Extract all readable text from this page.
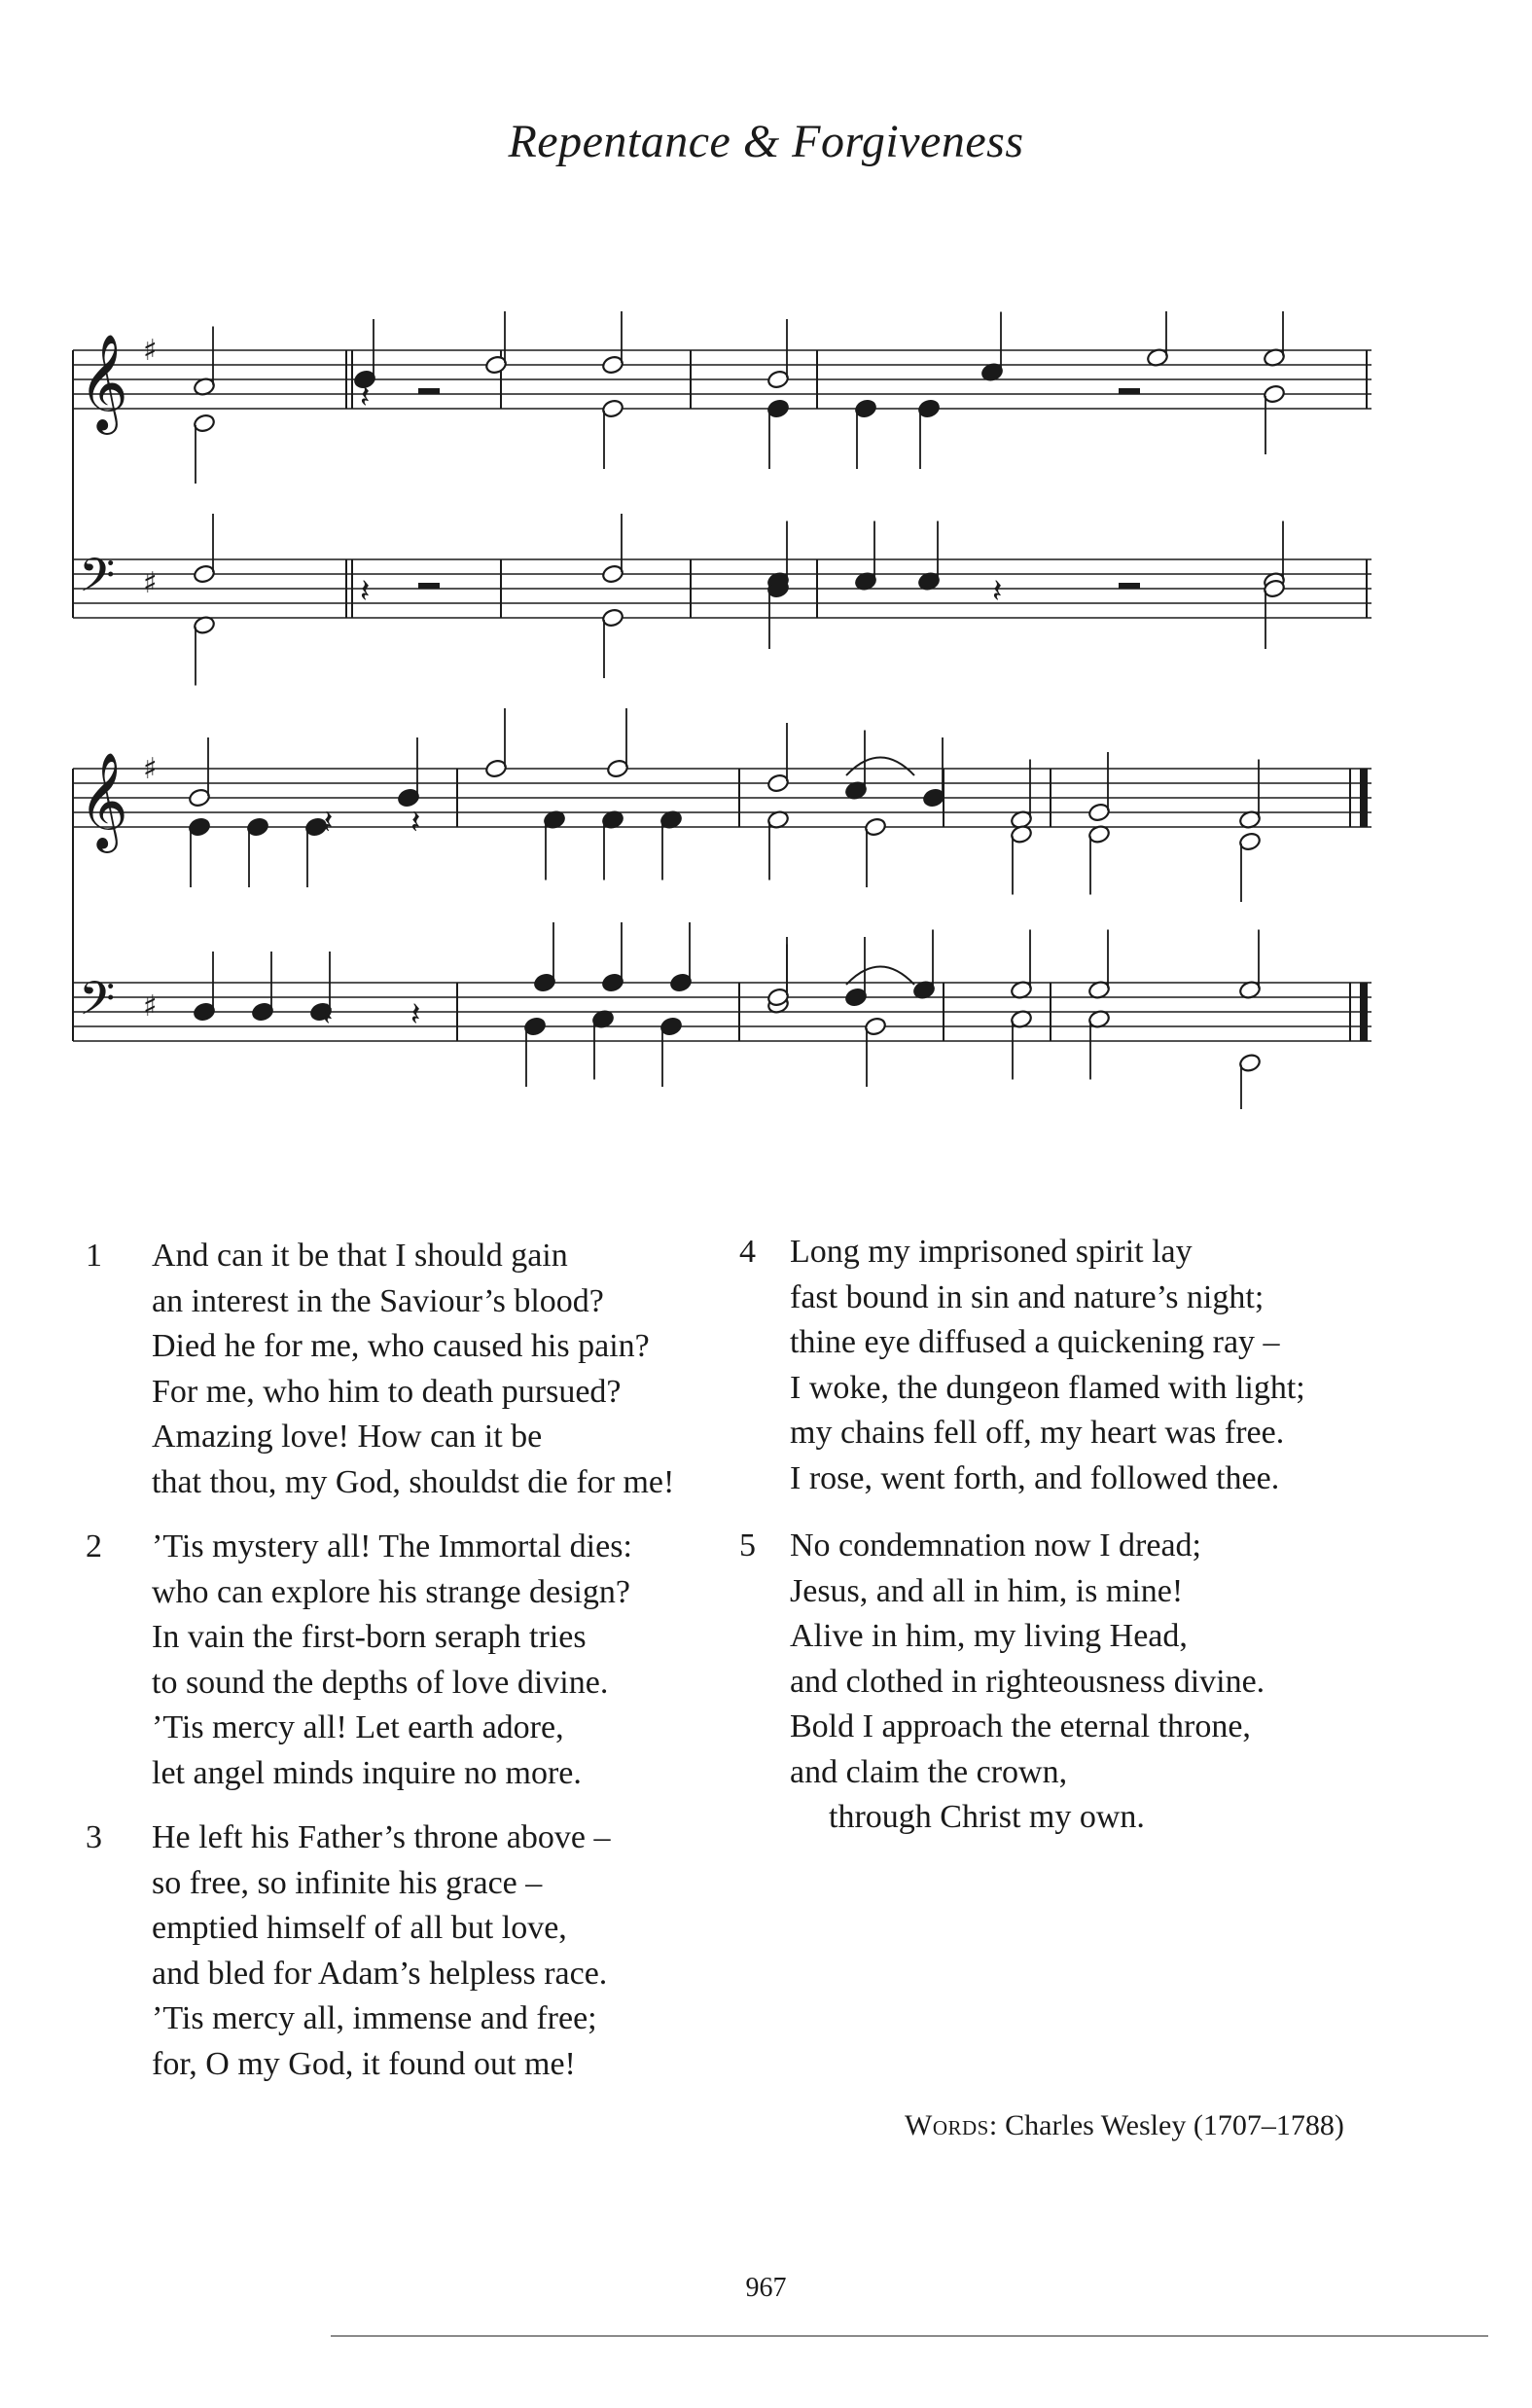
Repentance & Forgiveness
𝄞 ♯
𝄢 ♯
𝄞 ♯
𝄢 ♯
𝄽
𝄽	𝄽
𝄽 𝄽
𝄽 𝄽
1	And can it be that I should gain
an interest in the Saviour’s blood?
Died he for me, who caused his pain?
For me, who him to death pursued?
Amazing love! How can it be
that thou, my God, shouldst die for me!
2	’Tis mystery all! The Immortal dies:
who can explore his strange design?
In vain the first-born seraph tries
to sound the depths of love divine.
’Tis mercy all! Let earth adore,
let angel minds inquire no more.
3	He left his Father’s throne above –
so free, so infinite his grace –
emptied himself of all but love,
and bled for Adam’s helpless race.
’Tis mercy all, immense and free;
for, O my God, it found out me!
4	Long my imprisoned spirit lay
fast bound in sin and nature’s night;
thine eye diffused a quickening ray –
I woke, the dungeon flamed with light;
my chains fell off, my heart was free.
I rose, went forth, and followed thee.
5	No condemnation now I dread;
Jesus, and all in him, is mine!
Alive in him, my living Head,
and clothed in righteousness divine.
Bold I approach the eternal throne,
and claim the crown,
through Christ my own.
Words: Charles Wesley (1707–1788)
967
